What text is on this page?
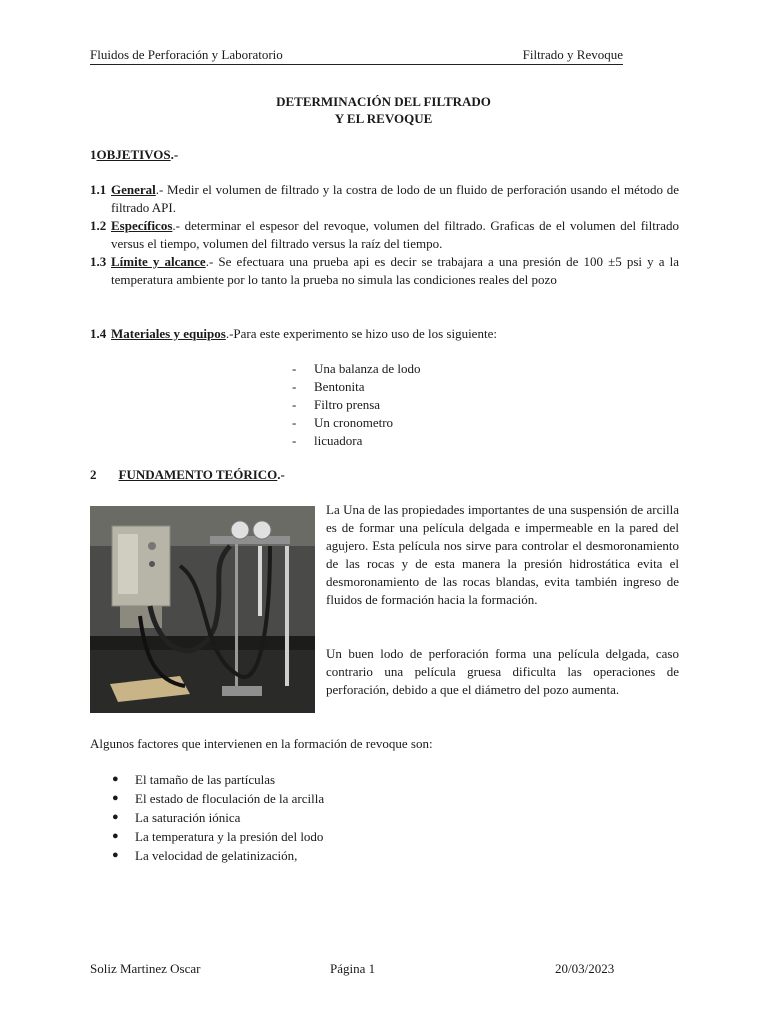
Fluidos de Perforación y Laboratorio	Filtrado y Revoque
DETERMINACIÓN DEL FILTRADO
Y EL REVOQUE
1OBJETIVOS.-
1.1 General.- Medir el volumen de filtrado y la costra de lodo de un fluido de perforación usando el método de filtrado API.
1.2 Específicos.- determinar el espesor del revoque, volumen del filtrado. Graficas de el volumen del filtrado versus el tiempo, volumen del filtrado versus la raíz del tiempo.
1.3 Límite y alcance.- Se efectuara una prueba api es decir se trabajara a una presión de 100 ±5 psi y a la temperatura ambiente por lo tanto la prueba no simula las condiciones reales del pozo
1.4 Materiales y equipos.-Para este experimento se hizo uso de los siguiente:
- Una balanza de lodo
- Bentonita
- Filtro prensa
- Un cronometro
- licuadora
2 FUNDAMENTO TEÓRICO.-
La Una de las propiedades importantes de una suspensión de arcilla es de formar una película delgada e impermeable en la pared del agujero. Esta película nos sirve para controlar el desmoronamiento de las rocas y de esta manera la presión hidrostática evita el desmoronamiento de las rocas blandas, evita también ingreso de fluidos de formación hacia la formación.
Un buen lodo de perforación forma una película delgada, caso contrario una película gruesa dificulta las operaciones de perforación, debido a que el diámetro del pozo aumenta.
Algunos factores que intervienen en la formación de revoque son:
● El tamaño de las partículas
● El estado de floculación de la arcilla
● La saturación iónica
● La temperatura y la presión del lodo
● La velocidad de gelatinización,
Soliz Martinez Oscar	Página 1	20/03/2023
